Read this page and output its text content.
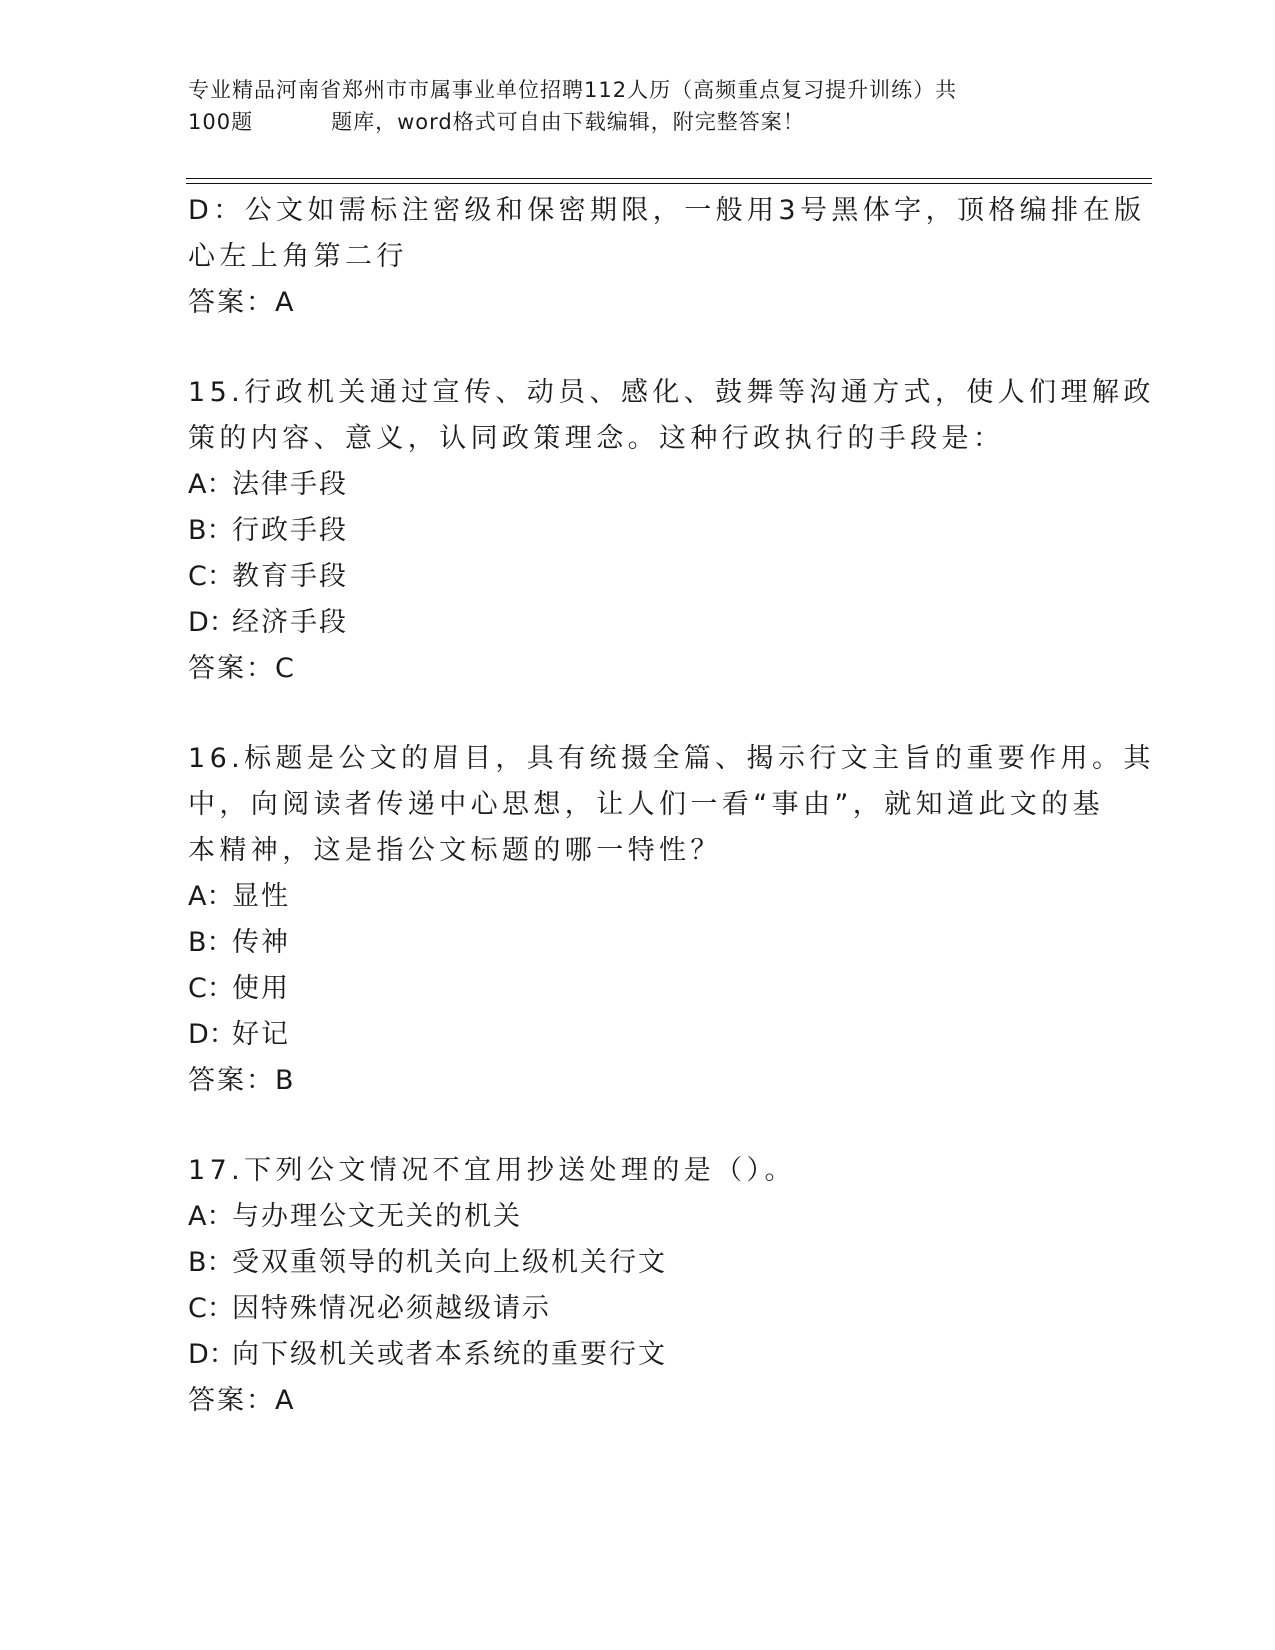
专业精品河南省郑州市市属事业单位招聘112人历（高频重点复习提升训练）共
100题	题库，word格式可自由下载编辑，附完整答案！
D：公文如需标注密级和保密期限，一般用3号黑体字，顶格编排在版
心左上角第二行
答案：A
15.行政机关通过宣传、动员、感化、鼓舞等沟通方式，使人们理解政
策的内容、意义，认同政策理念。这种行政执行的手段是：
A：法律手段
B：行政手段
C：教育手段
D：经济手段
答案：C
16.标题是公文的眉目，具有统摄全篇、揭示行文主旨的重要作用。其
中，向阅读者传递中心思想，让人们一看“事由”，就知道此文的基
本精神，这是指公文标题的哪一特性？
A：显性
B：传神
C：使用
D：好记
答案：B
17.下列公文情况不宜用抄送处理的是（）。
A：与办理公文无关的机关
B：受双重领导的机关向上级机关行文
C：因特殊情况必须越级请示
D：向下级机关或者本系统的重要行文
答案：A
